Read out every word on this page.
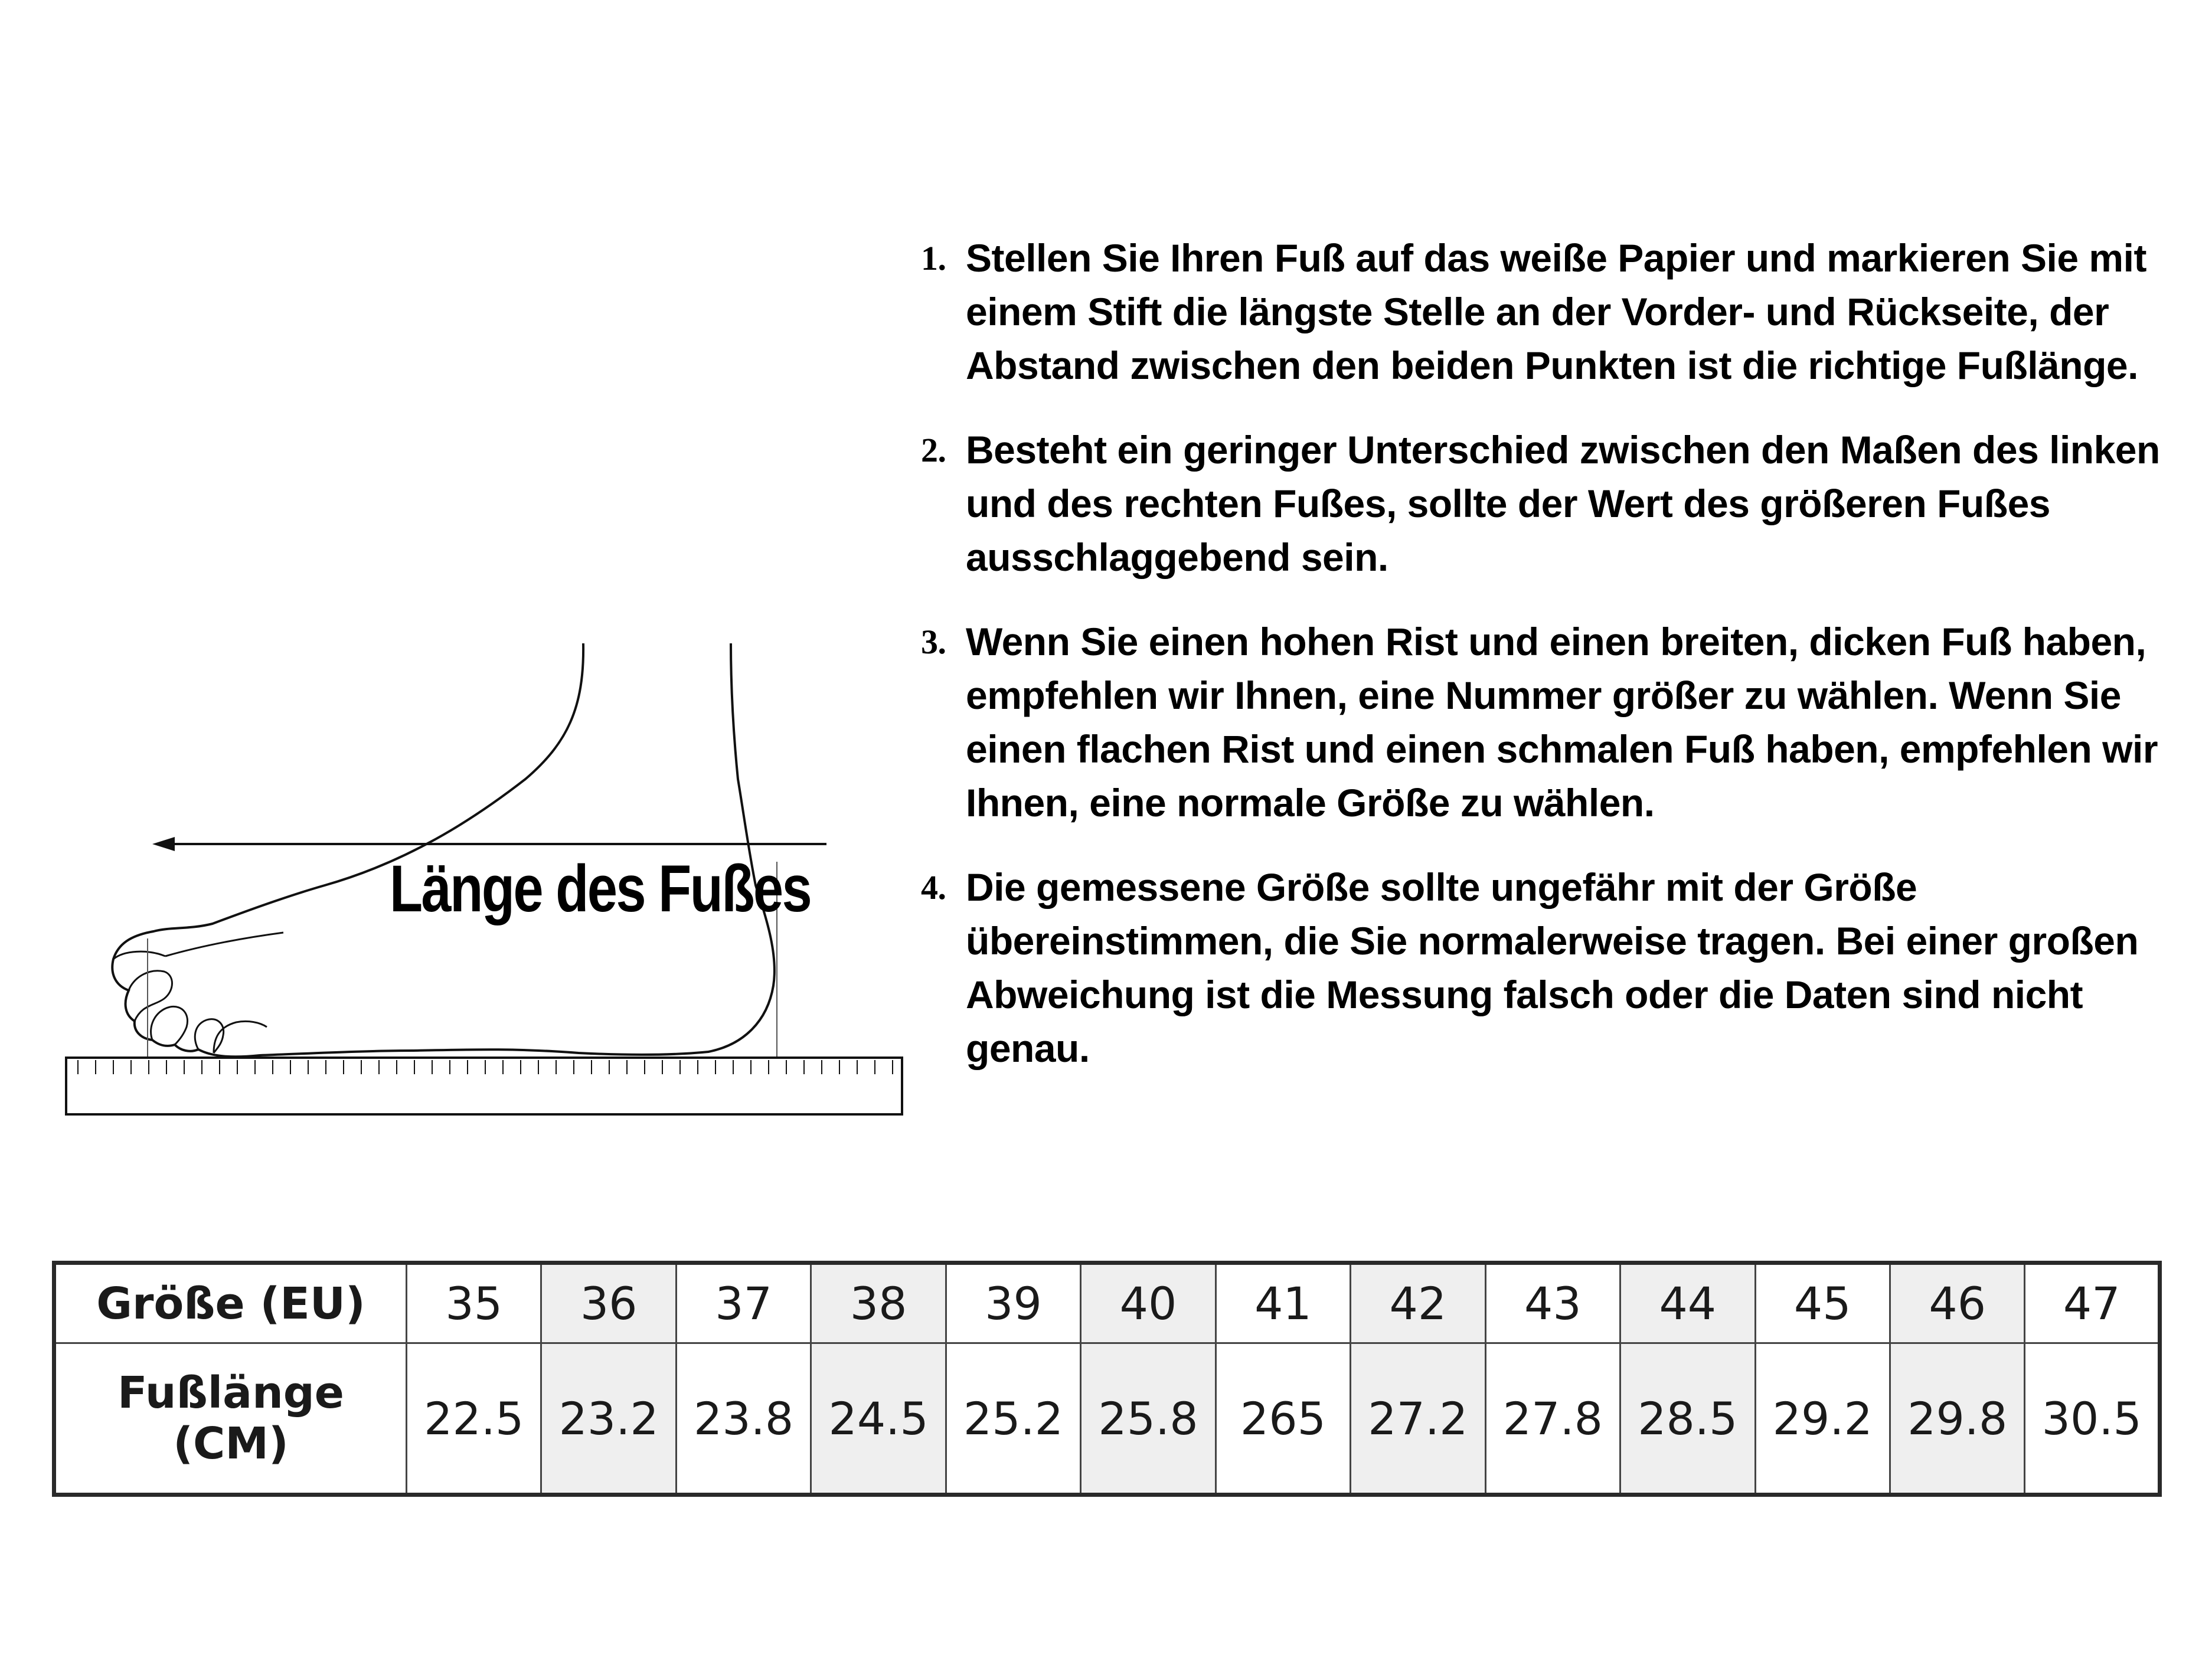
Länge des Fußes
1. Stellen Sie Ihren Fuß auf das weiße Papier und markieren Sie mit einem Stift die längste Stelle an der Vorder- und Rückseite, der Abstand zwischen den beiden Punkten ist die richtige Fußlänge.
2. Besteht ein geringer Unterschied zwischen den Maßen des linken und des rechten Fußes, sollte der Wert des größeren Fußes ausschlaggebend sein.
3. Wenn Sie einen hohen Rist und einen breiten, dicken Fuß haben, empfehlen wir Ihnen, eine Nummer größer zu wählen. Wenn Sie einen flachen Rist und einen schmalen Fuß haben, empfehlen wir Ihnen, eine normale Größe zu wählen.
4. Die gemessene Größe sollte ungefähr mit der Größe übereinstimmen, die Sie normalerweise tragen. Bei einer großen Abweichung ist die Messung falsch oder die Daten sind nicht genau.
Größe (EU)	35	36	37	38	39	40	41	42	43	44	45	46	47
Fußlänge (CM)	22.5	23.2	23.8	24.5	25.2	25.8	265	27.2	27.8	28.5	29.2	29.8	30.5
